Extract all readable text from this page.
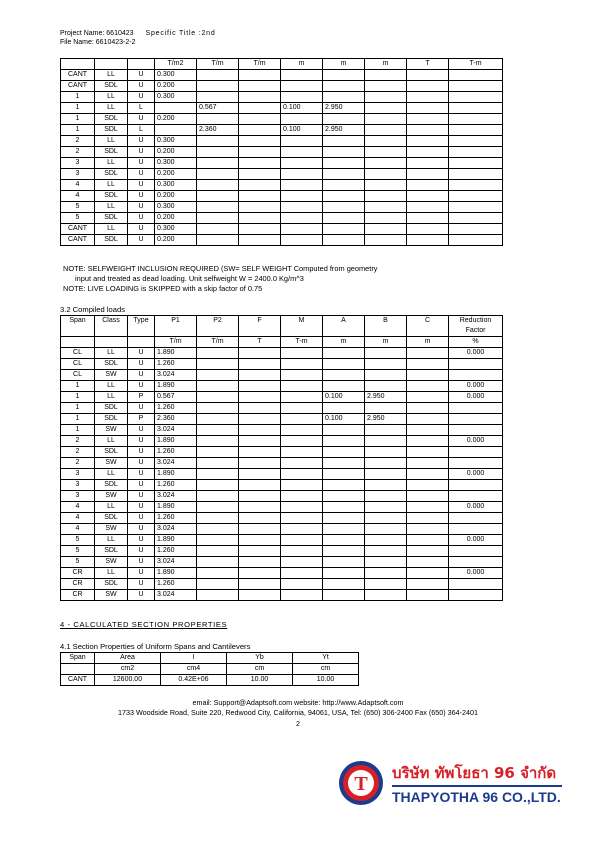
Project Name: 6610423 Specific Title :2nd
File Name: 6610423-2-2
			T/m2	T/m	T/m	m	m	m	T	T-m
CANT	LL	U	0.300							
CANT	SDL	U	0.200							
1	LL	U	0.300							
1	LL	L		0.567		0.100	2.950			
1	SDL	U	0.200							
1	SDL	L		2.360		0.100	2.950			
2	LL	U	0.300							
2	SDL	U	0.200							
3	LL	U	0.300							
3	SDL	U	0.200							
4	LL	U	0.300							
4	SDL	U	0.200							
5	LL	U	0.300							
5	SDL	U	0.200							
CANT	LL	U	0.300							
CANT	SDL	U	0.200							
NOTE: SELFWEIGHT INCLUSION REQUIRED (SW= SELF WEIGHT Computed from geometry
input and treated as dead loading. Unit selfweight W = 2400.0 Kg/m^3
NOTE: LIVE LOADING is SKIPPED with a skip factor of 0.75
3.2 Compiled loads
Span	Class	Type	P1	P2	F	M	A	B	C	Reduction Factor
			T/m	T/m	T	T-m	m	m	m	%
CL	LL	U	1.890							0.000
CL	SDL	U	1.260							
CL	SW	U	3.024							
1	LL	U	1.890							0.000
1	LL	P	0.567				0.100	2.950		0.000
1	SDL	U	1.260							
1	SDL	P	2.360				0.100	2.950		
1	SW	U	3.024							
2	LL	U	1.890							0.000
2	SDL	U	1.260							
2	SW	U	3.024							
3	LL	U	1.890							0.000
3	SDL	U	1.260							
3	SW	U	3.024							
4	LL	U	1.890							0.000
4	SDL	U	1.260							
4	SW	U	3.024							
5	LL	U	1.890							0.000
5	SDL	U	1.260							
5	SW	U	3.024							
CR	LL	U	1.890							0.000
CR	SDL	U	1.260							
CR	SW	U	3.024							
4 - CALCULATED SECTION PROPERTIES
4.1 Section Properties of Uniform Spans and Cantilevers
Span	Area	I	Yb	Yt
	cm2	cm4	cm	cm
CANT	12600.00	0.42E+06	10.00	10.00
email: Support@Adaptsoft.com website: http://www.Adaptsoft.com
1733 Woodside Road, Suite 220, Redwood City, California, 94061, USA, Tel: (650) 306-2400 Fax (650) 364-2401
2
T บริษัท ทัพโยธา 96 จำกัด
THAPYOTHA 96 CO.,LTD.
